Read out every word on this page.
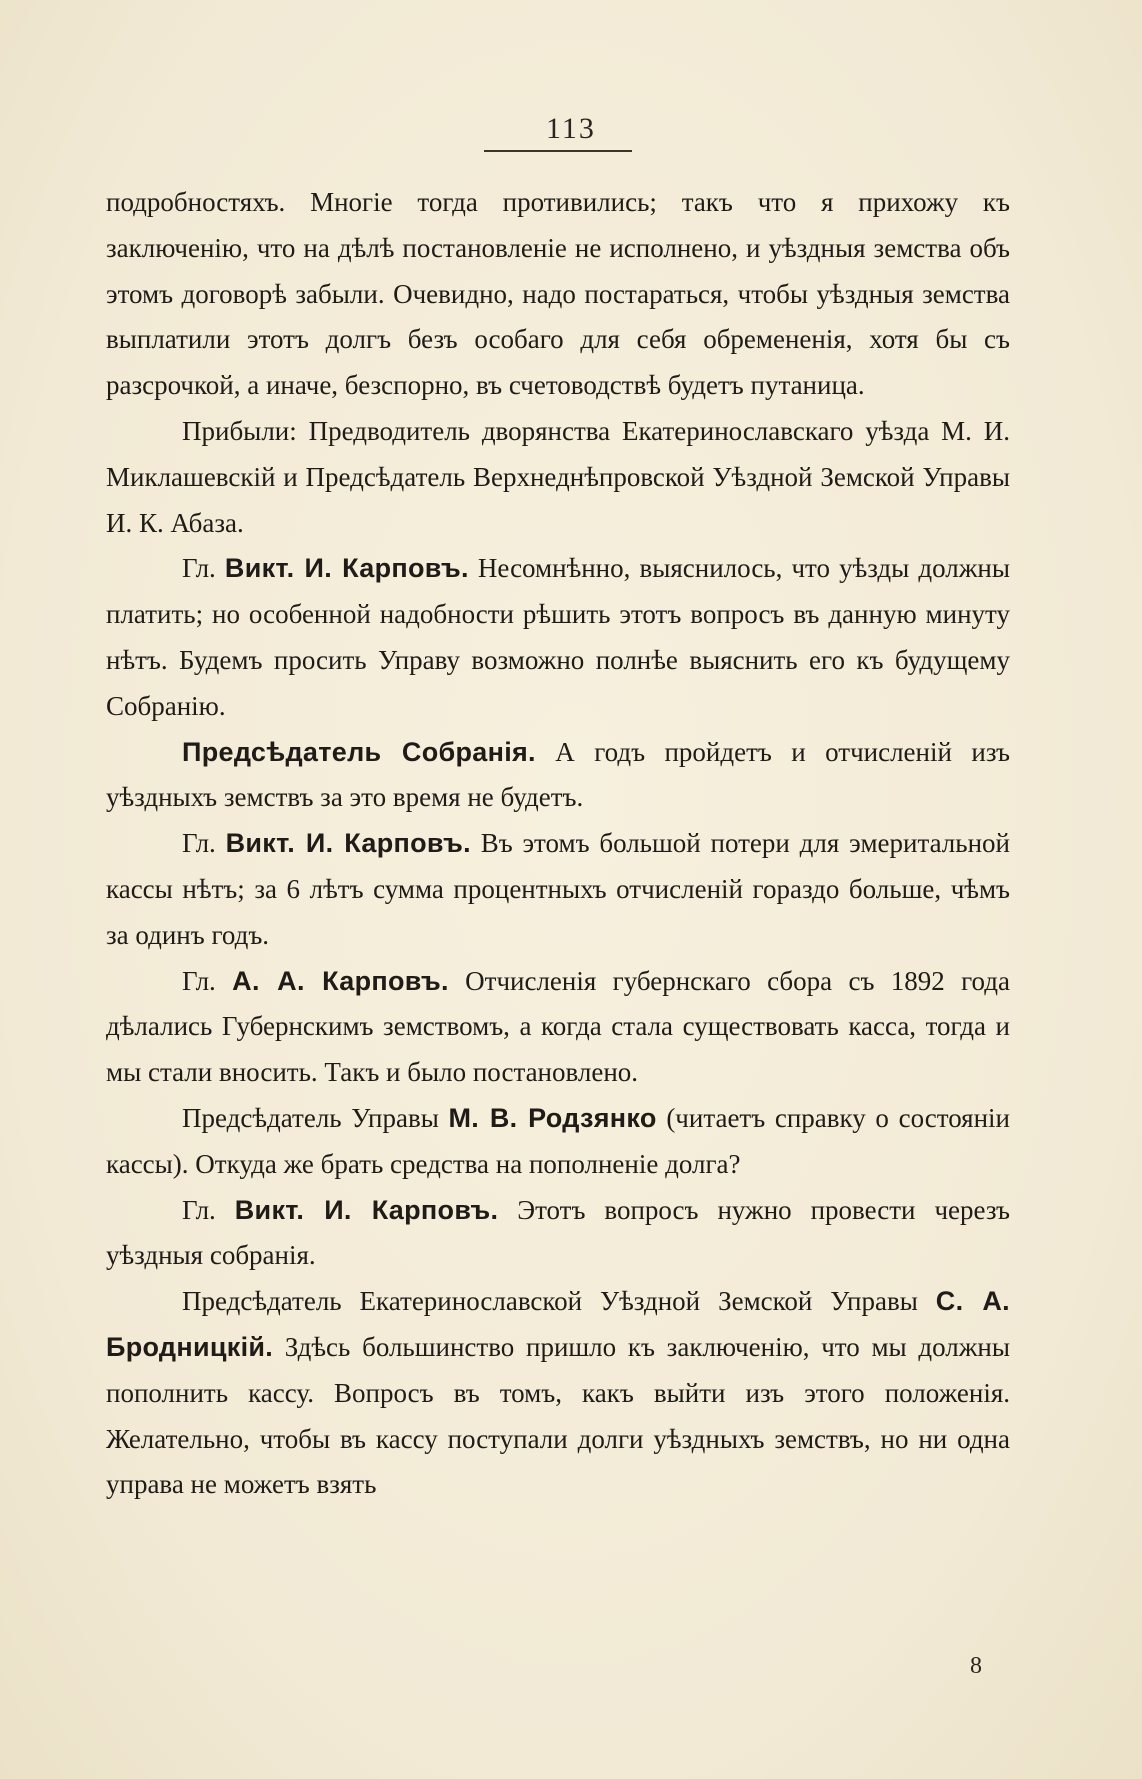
113

подробностяхъ. Многіе тогда противились; такъ что я прихожу къ заключенію, что на дѣлѣ постановленіе не исполнено, и уѣздныя земства объ этомъ договорѣ забыли. Очевидно, надо постараться, чтобы уѣздныя земства выплатили этотъ долгъ безъ особаго для себя обремененія, хотя бы съ разсрочкой, а иначе, безспорно, въ счетоводствѣ будетъ путаница.

Прибыли: Предводитель дворянства Екатеринославскаго уѣзда М. И. Миклашевскій и Предсѣдатель Верхнеднѣпровской Уѣздной Земской Управы И. К. Абаза.

Гл. Викт. И. Карповъ. Несомнѣнно, выяснилось, что уѣзды должны платить; но особенной надобности рѣшить этотъ вопросъ въ данную минуту нѣтъ. Будемъ просить Управу возможно полнѣе выяснить его къ будущему Собранію.

Предсѣдатель Собранія. А годъ пройдетъ и отчисленій изъ уѣздныхъ земствъ за это время не будетъ.

Гл. Викт. И. Карповъ. Въ этомъ большой потери для эмеритальной кассы нѣтъ; за 6 лѣтъ сумма процентныхъ отчисленій гораздо больше, чѣмъ за одинъ годъ.

Гл. А. А. Карповъ. Отчисленія губернскаго сбора съ 1892 года дѣлались Губернскимъ земствомъ, а когда стала существовать касса, тогда и мы стали вносить. Такъ и было постановлено.

Предсѣдатель Управы М. В. Родзянко (читаетъ справку о состояніи кассы). Откуда же брать средства на пополненіе долга?

Гл. Викт. И. Карповъ. Этотъ вопросъ нужно провести черезъ уѣздныя собранія.

Предсѣдатель Екатеринославской Уѣздной Земской Управы С. А. Бродницкій. Здѣсь большинство пришло къ заключенію, что мы должны пополнить кассу. Вопросъ въ томъ, какъ выйти изъ этого положенія. Желательно, чтобы въ кассу поступали долги уѣздныхъ земствъ, но ни одна управа не можетъ взять

8
